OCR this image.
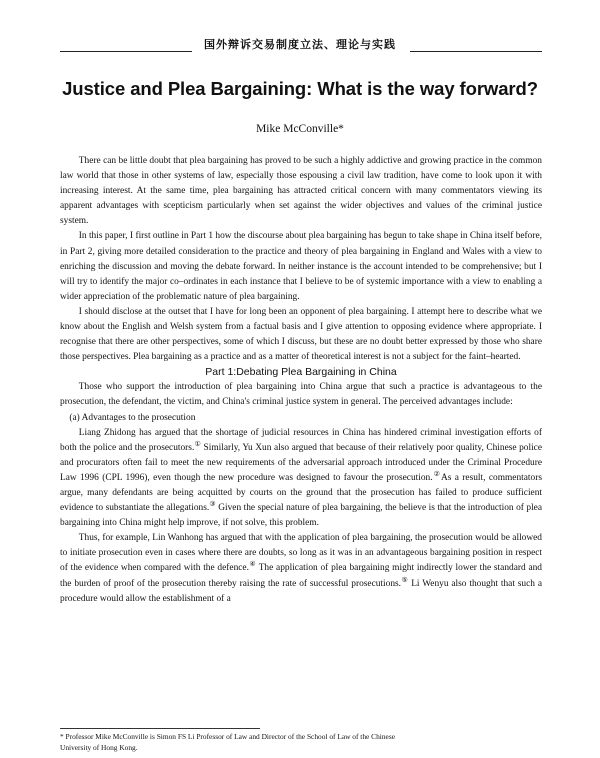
国外辩诉交易制度立法、理论与实践
Justice and Plea Bargaining: What is the way forward?
Mike McConville*

There can be little doubt that plea bargaining has proved to be such a highly addictive and growing practice in the common law world that those in other systems of law, especially those espousing a civil law tradition, have come to look upon it with increasing interest. At the same time, plea bargaining has attracted critical concern with many commentators viewing its apparent advantages with scepticism particularly when set against the wider objectives and values of the criminal justice system.

In this paper, I first outline in Part 1 how the discourse about plea bargaining has begun to take shape in China itself before, in Part 2, giving more detailed consideration to the practice and theory of plea bargaining in England and Wales with a view to enriching the discussion and moving the debate forward. In neither instance is the account intended to be comprehensive; but I will try to identify the major co–ordinates in each instance that I believe to be of systemic importance with a view to enabling a wider appreciation of the problematic nature of plea bargaining.

I should disclose at the outset that I have for long been an opponent of plea bargaining. I attempt here to describe what we know about the English and Welsh system from a factual basis and I give attention to opposing evidence where appropriate. I recognise that there are other perspectives, some of which I discuss, but these are no doubt better expressed by those who share those perspectives. Plea bargaining as a practice and as a matter of theoretical interest is not a subject for the faint–hearted.

Part 1:Debating Plea Bargaining in China

Those who support the introduction of plea bargaining into China argue that such a practice is advantageous to the prosecution, the defendant, the victim, and China's criminal justice system in general. The perceived advantages include:

(a) Advantages to the prosecution

Liang Zhidong has argued that the shortage of judicial resources in China has hindered criminal investigation efforts of both the police and the prosecutors.① Similarly, Yu Xun also argued that because of their relatively poor quality, Chinese police and procurators often fail to meet the new requirements of the adversarial approach introduced under the Criminal Procedure Law 1996 (CPL 1996), even though the new procedure was designed to favour the prosecution.②As a result, commentators argue, many defendants are being acquitted by courts on the ground that the prosecution has failed to produce sufficient evidence to substantiate the allegations.③ Given the special nature of plea bargaining, the believe is that the introduction of plea bargaining into China might help improve, if not solve, this problem.

Thus, for example, Lin Wanhong has argued that with the application of plea bargaining, the prosecution would be allowed to initiate prosecution even in cases where there are doubts, so long as it was in an advantageous bargaining position in respect of the evidence when compared with the defence.④ The application of plea bargaining might indirectly lower the standard and the burden of proof of the prosecution thereby raising the rate of successful prosecutions.⑤ Li Wenyu also thought that such a procedure would allow the establishment of a

* Professor Mike McConville is Simon FS Li Professor of Law and Director of the School of Law of the Chinese
University of Hong Kong.
